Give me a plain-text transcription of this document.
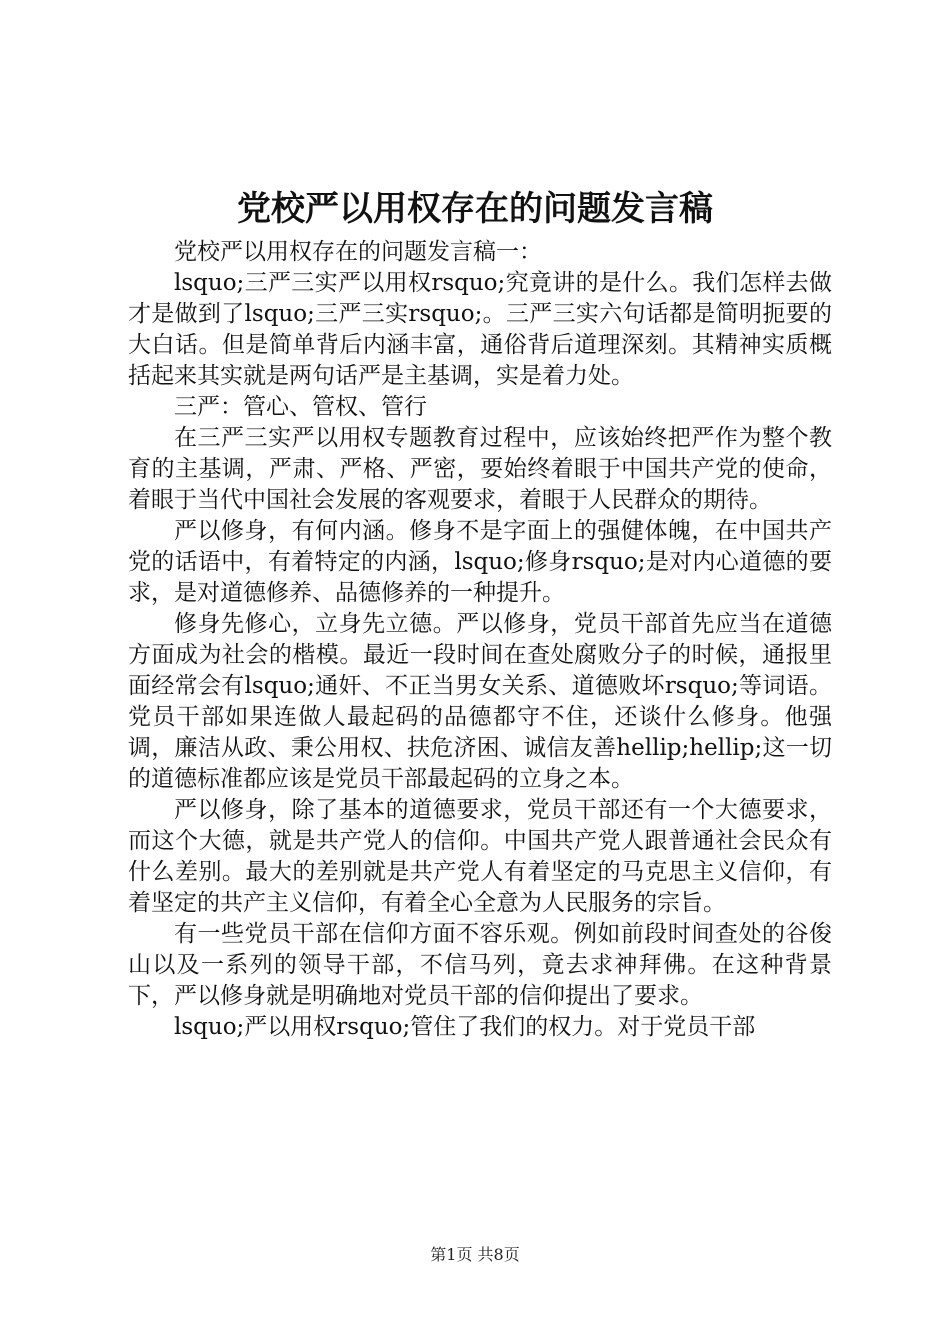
党校严以用权存在的问题发言稿

党校严以用权存在的问题发言稿一：

lsquo;三严三实严以用权rsquo;究竟讲的是什么。我们怎样去做才是做到了lsquo;三严三实rsquo;。三严三实六句话都是简明扼要的大白话。但是简单背后内涵丰富，通俗背后道理深刻。其精神实质概括起来其实就是两句话严是主基调，实是着力处。

三严：管心、管权、管行

在三严三实严以用权专题教育过程中，应该始终把严作为整个教育的主基调，严肃、严格、严密，要始终着眼于中国共产党的使命，着眼于当代中国社会发展的客观要求，着眼于人民群众的期待。

严以修身，有何内涵。修身不是字面上的强健体魄，在中国共产党的话语中，有着特定的内涵，lsquo;修身rsquo;是对内心道德的要求，是对道德修养、品德修养的一种提升。

修身先修心，立身先立德。严以修身，党员干部首先应当在道德方面成为社会的楷模。最近一段时间在查处腐败分子的时候，通报里面经常会有lsquo;通奸、不正当男女关系、道德败坏rsquo;等词语。党员干部如果连做人最起码的品德都守不住，还谈什么修身。他强调，廉洁从政、秉公用权、扶危济困、诚信友善hellip;hellip;这一切的道德标准都应该是党员干部最起码的立身之本。

严以修身，除了基本的道德要求，党员干部还有一个大德要求，而这个大德，就是共产党人的信仰。中国共产党人跟普通社会民众有什么差别。最大的差别就是共产党人有着坚定的马克思主义信仰，有着坚定的共产主义信仰，有着全心全意为人民服务的宗旨。

有一些党员干部在信仰方面不容乐观。例如前段时间查处的谷俊山以及一系列的领导干部，不信马列，竟去求神拜佛。在这种背景下，严以修身就是明确地对党员干部的信仰提出了要求。

lsquo;严以用权rsquo;管住了我们的权力。对于党员干部

第1页 共8页
